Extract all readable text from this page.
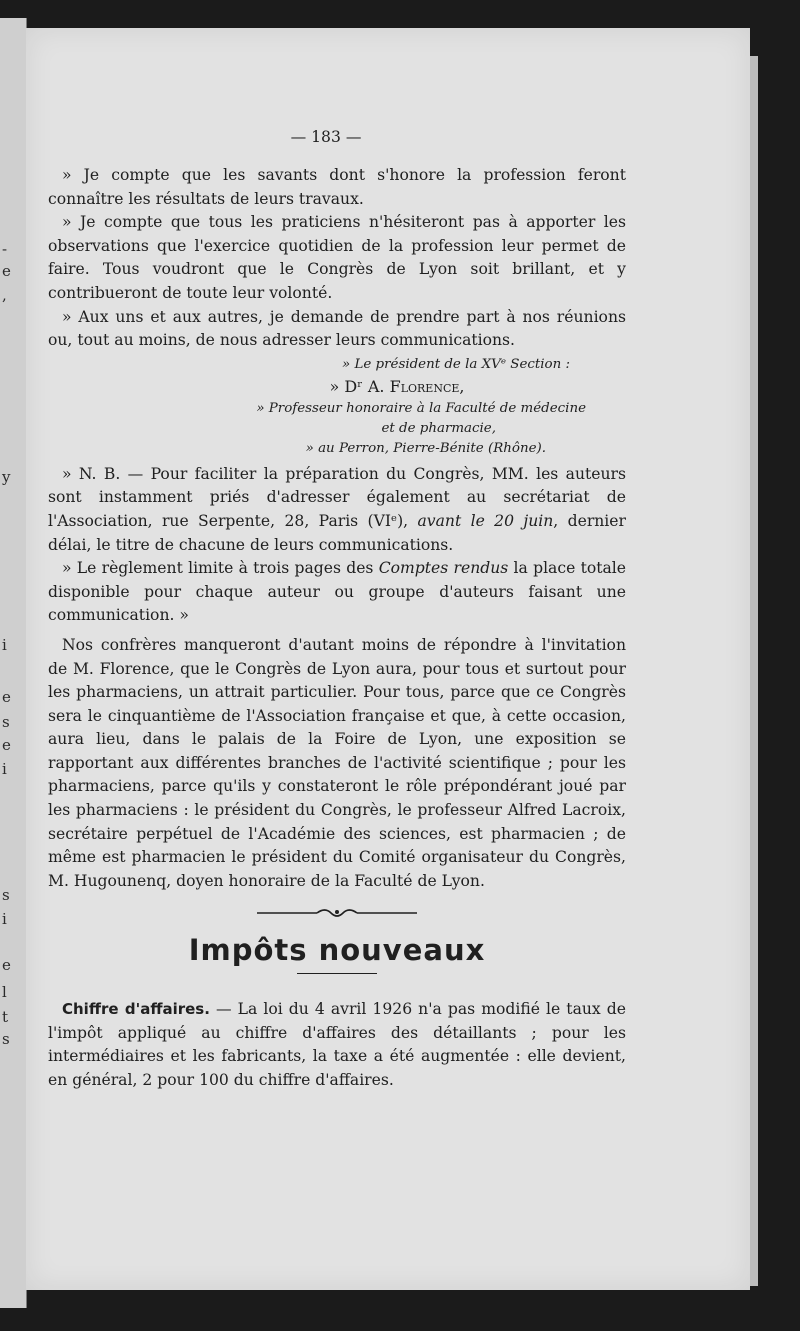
-
e
,
y
i
e
s
e
i
s
i
e
l
t
s
— 183 —

» Je compte que les savants dont s'honore la profession feront connaître les résultats de leurs travaux.

» Je compte que tous les praticiens n'hésiteront pas à apporter les observations que l'exercice quotidien de la profession leur permet de faire. Tous voudront que le Congrès de Lyon soit brillant, et y contribueront de toute leur volonté.

» Aux uns et aux autres, je demande de prendre part à nos réunions ou, tout au moins, de nous adresser leurs communications.

» Le président de la XVᵉ Section :
» Dʳ A. Florence,
» Professeur honoraire à la Faculté de médecine
et de pharmacie,
» au Perron, Pierre-Bénite (Rhône).

» N. B. — Pour faciliter la préparation du Congrès, MM. les auteurs sont instamment priés d'adresser également au secrétariat de l'Association, rue Serpente, 28, Paris (VIᵉ), avant le 20 juin, dernier délai, le titre de chacune de leurs communications.

» Le règlement limite à trois pages des Comptes rendus la place totale disponible pour chaque auteur ou groupe d'auteurs faisant une communication. »

Nos confrères manqueront d'autant moins de répondre à l'invitation de M. Florence, que le Congrès de Lyon aura, pour tous et surtout pour les pharmaciens, un attrait particulier. Pour tous, parce que ce Congrès sera le cinquantième de l'Association française et que, à cette occasion, aura lieu, dans le palais de la Foire de Lyon, une exposition se rapportant aux différentes branches de l'activité scientifique ; pour les pharmaciens, parce qu'ils y constateront le rôle prépondérant joué par les pharmaciens : le président du Congrès, le professeur Alfred Lacroix, secrétaire perpétuel de l'Académie des sciences, est pharmacien ; de même est pharmacien le président du Comité organisateur du Congrès, M. Hugounenq, doyen honoraire de la Faculté de Lyon.

Impôts nouveaux

Chiffre d'affaires. — La loi du 4 avril 1926 n'a pas modifié le taux de l'impôt appliqué au chiffre d'affaires des détaillants ; pour les intermédiaires et les fabricants, la taxe a été augmentée : elle devient, en général, 2 pour 100 du chiffre d'affaires.
